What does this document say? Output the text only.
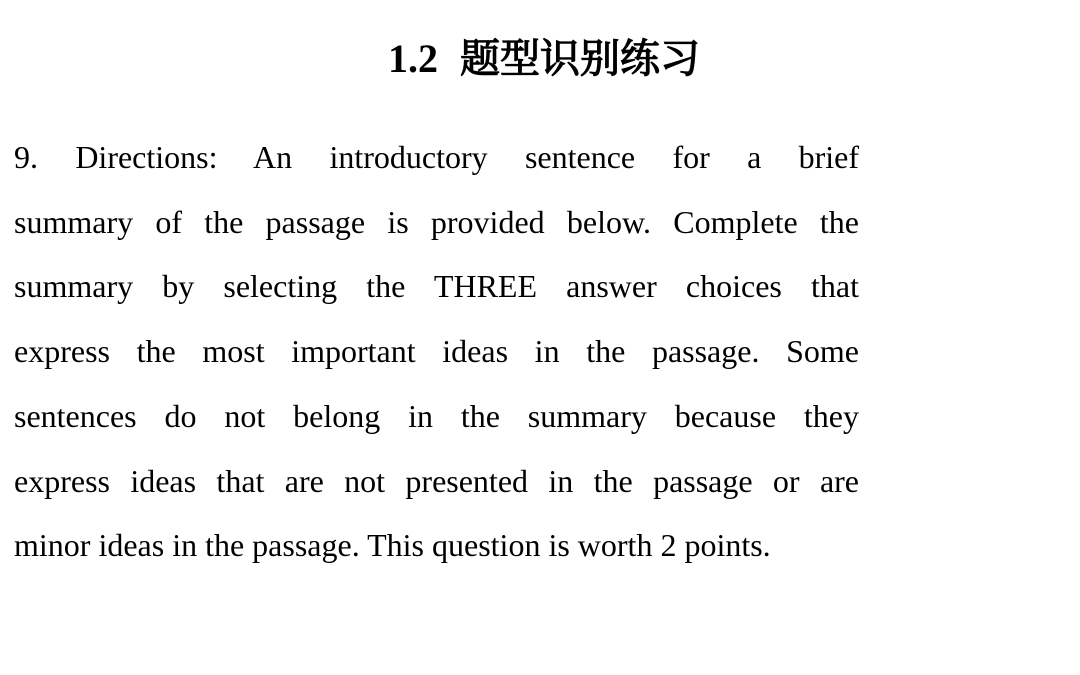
1.2 题型识别练习
9. Directions: An introductory sentence for a brief
summary of the passage is provided below. Complete the
summary by selecting the THREE answer choices that
express the most important ideas in the passage. Some
sentences do not belong in the summary because they
express ideas that are not presented in the passage or are
minor ideas in the passage. This question is worth 2 points.
